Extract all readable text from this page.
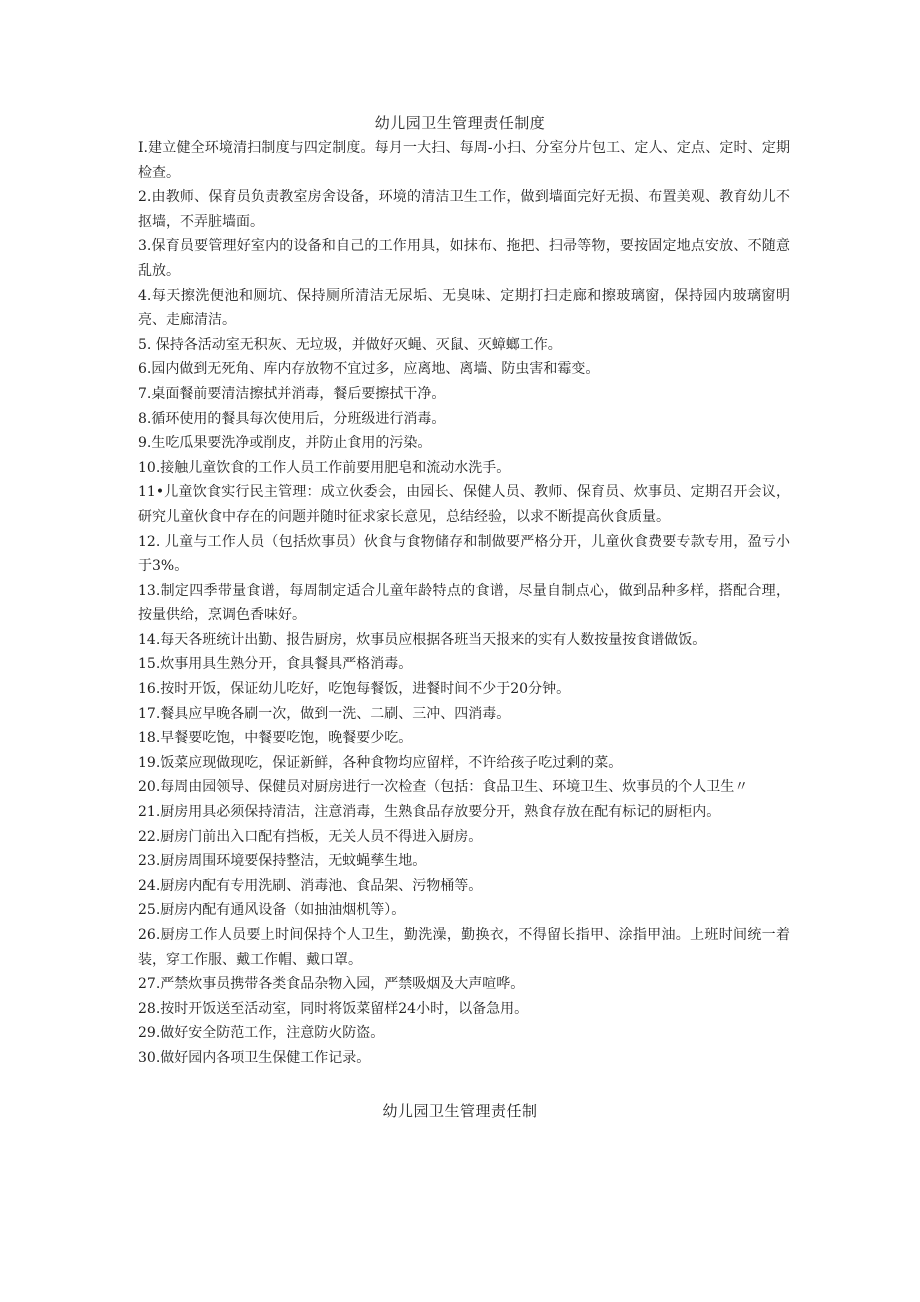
幼儿园卫生管理责任制度
I.建立健全环境清扫制度与四定制度。每月一大扫、每周-小扫、分室分片包工、定人、定点、定时、定期检查。
2.由教师、保育员负责教室房舍设备，环境的清洁卫生工作，做到墙面完好无损、布置美观、教育幼儿不抠墙，不弄脏墙面。
3.保育员要管理好室内的设备和自己的工作用具，如抹布、拖把、扫帚等物，要按固定地点安放、不随意乱放。
4.每天擦洗便池和厕坑、保持厕所清洁无尿垢、无臭味、定期打扫走廊和擦玻璃窗，保持园内玻璃窗明亮、走廊清洁。
5. 保持各活动室无积灰、无垃圾，并做好灭蝇、灭鼠、灭蟑螂工作。
6.园内做到无死角、库内存放物不宜过多，应离地、离墙、防虫害和霉变。
7.桌面餐前要清洁擦拭并消毒，餐后要擦拭干净。
8.循环使用的餐具每次使用后，分班级进行消毒。
9.生吃瓜果要洗净或削皮，并防止食用的污染。
10.接触儿童饮食的工作人员工作前要用肥皂和流动水洗手。
11•儿童饮食实行民主管理：成立伙委会，由园长、保健人员、教师、保育员、炊事员、定期召开会议，研究儿童伙食中存在的问题并随时征求家长意见，总结经验，以求不断提高伙食质量。
12. 儿童与工作人员（包括炊事员）伙食与食物储存和制做要严格分开，儿童伙食费要专款专用，盈亏小于3%。
13.制定四季带量食谱，每周制定适合儿童年龄特点的食谱，尽量自制点心，做到品种多样，搭配合理，按量供给，烹调色香味好。
14.每天各班统计出勤、报告厨房，炊事员应根据各班当天报来的实有人数按量按食谱做饭。
15.炊事用具生熟分开，食具餐具严格消毒。
16.按时开饭，保证幼儿吃好，吃饱每餐饭，进餐时间不少于20分钟。
17.餐具应早晚各刷一次，做到一洗、二刷、三冲、四消毒。
18.早餐要吃饱，中餐要吃饱，晚餐要少吃。
19.饭菜应现做现吃，保证新鲜，各种食物均应留样，不许给孩子吃过剩的菜。
20.每周由园领导、保健员对厨房进行一次检查（包括：食品卫生、环境卫生、炊事员的个人卫生〃
21.厨房用具必须保持清洁，注意消毒，生熟食品存放要分开，熟食存放在配有标记的厨柜内。
22.厨房门前出入口配有挡板，无关人员不得进入厨房。
23.厨房周围环境要保持整洁，无蚊蝇孳生地。
24.厨房内配有专用洗刷、消毒池、食品架、污物桶等。
25.厨房内配有通风设备（如抽油烟机等）。
26.厨房工作人员要上时间保持个人卫生，勤洗澡，勤换衣，不得留长指甲、涂指甲油。上班时间统一着装，穿工作服、戴工作帽、戴口罩。
27.严禁炊事员携带各类食品杂物入园，严禁吸烟及大声喧哗。
28.按时开饭送至活动室，同时将饭菜留样24小时，以备急用。
29.做好安全防范工作，注意防火防盗。
30.做好园内各项卫生保健工作记录。
幼儿园卫生管理责任制
